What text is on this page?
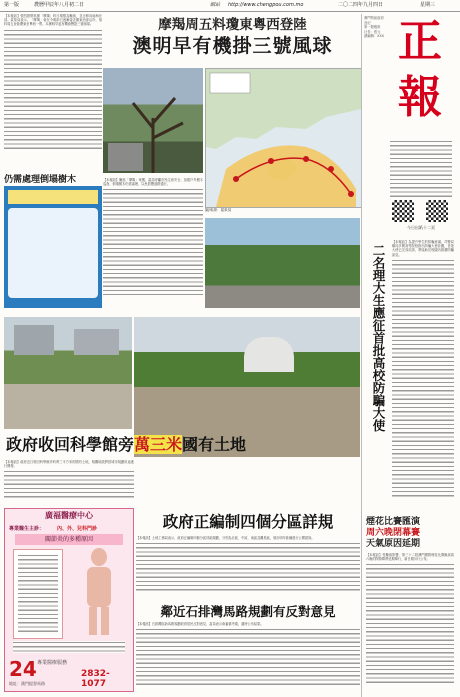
第一版	農曆甲辰年八月初二日	網站 http://www.chengpou.com.mo	二〇二四年九月四日	星期三
【本報訊】強烈熱帶風暴「摩羯」昨日增強為颱風，並正移向南海北部。氣象局表示，「摩羯」會在今明兩日逐漸接近廣東西部沿岸，預料周五登陸瓊東至粵西一帶。本澳明早起有機會懸掛三號風球。	摩羯周五料瓊東粵西登陸
澳明早有機掛三號風球
圖/來源：氣象局
仍需處理倒塌樹木	【本報訊】颱風「摩羯」來襲，當局呼籲市民注意安全，加強戶外樹木巡查，倒塌樹木仍需處理，以免影響道路通行。
政府收回科學館旁萬三米國有土地
【本報訊】政府近日收回科學館旁約萬三平方米的國有土地，相關地段將按城市規劃用途進行開發。
正
報
澳門特區政府登記
第一類報紙
社長：張元
總編輯：XXX
今日出紙十二頁
二名理大生應征首批高校防騙大使
【本報訊】為提升學生的防騙意識，司警局聯同多間高等院校推出防騙大使計劃，首批大使已完成培訓，將協助於校園內推廣防騙訊息。
煙花比賽匯演
周六晚閉幕賽
天氣原因延期
【本報訊】受颱風影響，第三十二屆澳門國際煙花比賽匯演周六晚的閉幕賽將延期舉行，新日期另行公布。
政府正編制四個分區詳規
【本報訊】土地工務局表示，政府正編制四個分區詳細規劃，分別為北區、中區、南區及離島區，預計明年陸續進行公開諮詢。
廣福醫療中心
專業醫生主診：	內、外、兒科門診
關節炎的多種原因
24 專業醫療服務
2832-1077
地址：澳門提督馬路
鄰近石排灣馬路規劃有反對意見
【本報訊】石排灣區新馬路規劃收到居民反對意見，當局表示會審慎考慮，適時公布結果。
